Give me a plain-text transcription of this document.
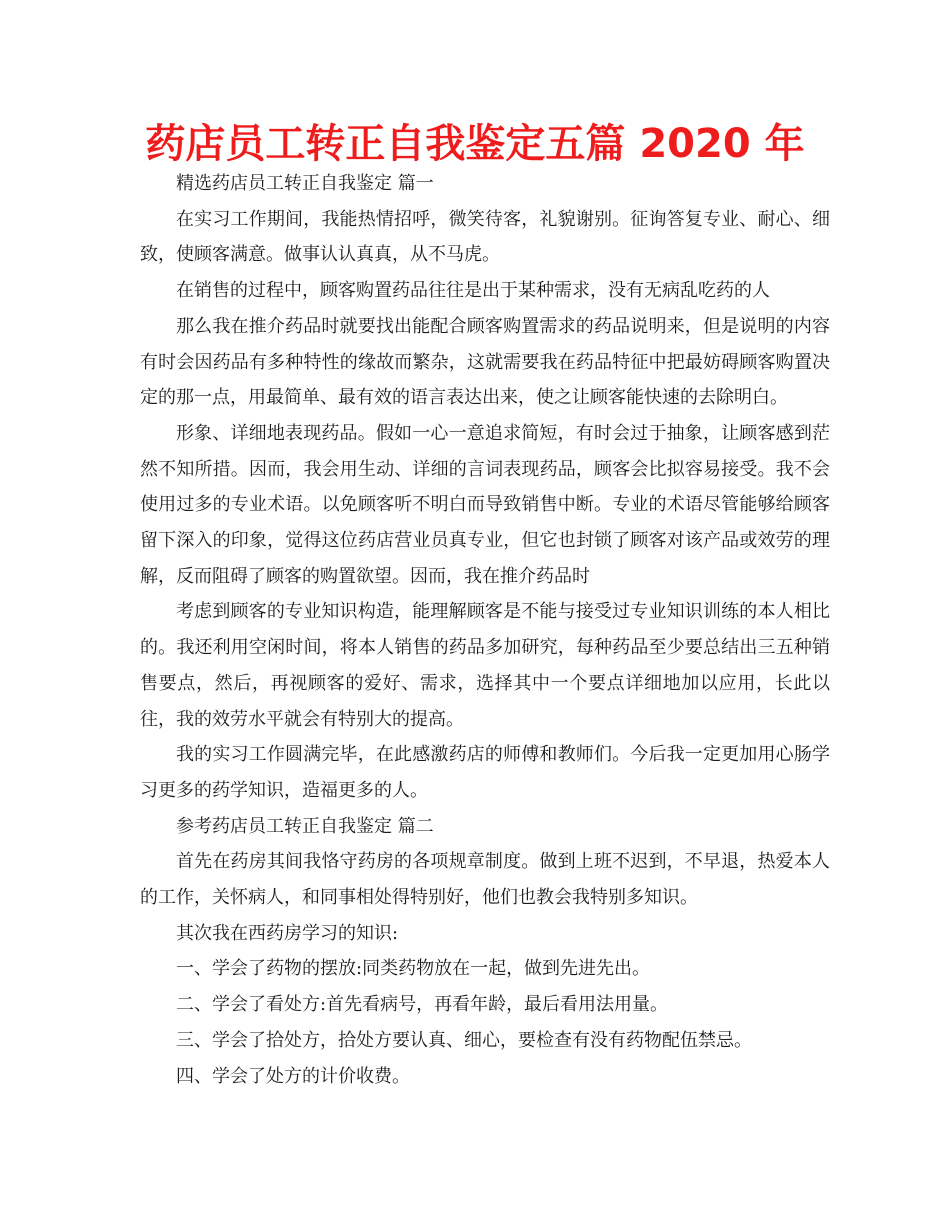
药店员工转正自我鉴定五篇 2020 年

精选药店员工转正自我鉴定 篇一

在实习工作期间，我能热情招呼，微笑待客，礼貌谢别。征询答复专业、耐心、细致，使顾客满意。做事认认真真，从不马虎。

在销售的过程中，顾客购置药品往往是出于某种需求，没有无病乱吃药的人

那么我在推介药品时就要找出能配合顾客购置需求的药品说明来，但是说明的内容有时会因药品有多种特性的缘故而繁杂，这就需要我在药品特征中把最妨碍顾客购置决定的那一点，用最简单、最有效的语言表达出来，使之让顾客能快速的去除明白。

形象、详细地表现药品。假如一心一意追求简短，有时会过于抽象，让顾客感到茫然不知所措。因而，我会用生动、详细的言词表现药品，顾客会比拟容易接受。我不会使用过多的专业术语。以免顾客听不明白而导致销售中断。专业的术语尽管能够给顾客留下深入的印象，觉得这位药店营业员真专业，但它也封锁了顾客对该产品或效劳的理解，反而阻碍了顾客的购置欲望。因而，我在推介药品时

考虑到顾客的专业知识构造，能理解顾客是不能与接受过专业知识训练的本人相比的。我还利用空闲时间，将本人销售的药品多加研究，每种药品至少要总结出三五种销售要点，然后，再视顾客的爱好、需求，选择其中一个要点详细地加以应用，长此以往，我的效劳水平就会有特别大的提高。

我的实习工作圆满完毕，在此感激药店的师傅和教师们。今后我一定更加用心肠学习更多的药学知识，造福更多的人。

参考药店员工转正自我鉴定 篇二

首先在药房其间我恪守药房的各项规章制度。做到上班不迟到，不早退，热爱本人的工作，关怀病人，和同事相处得特别好，他们也教会我特别多知识。

其次我在西药房学习的知识:

一、学会了药物的摆放:同类药物放在一起，做到先进先出。

二、学会了看处方:首先看病号，再看年龄，最后看用法用量。

三、学会了拾处方，拾处方要认真、细心，要检查有没有药物配伍禁忌。

四、学会了处方的计价收费。
